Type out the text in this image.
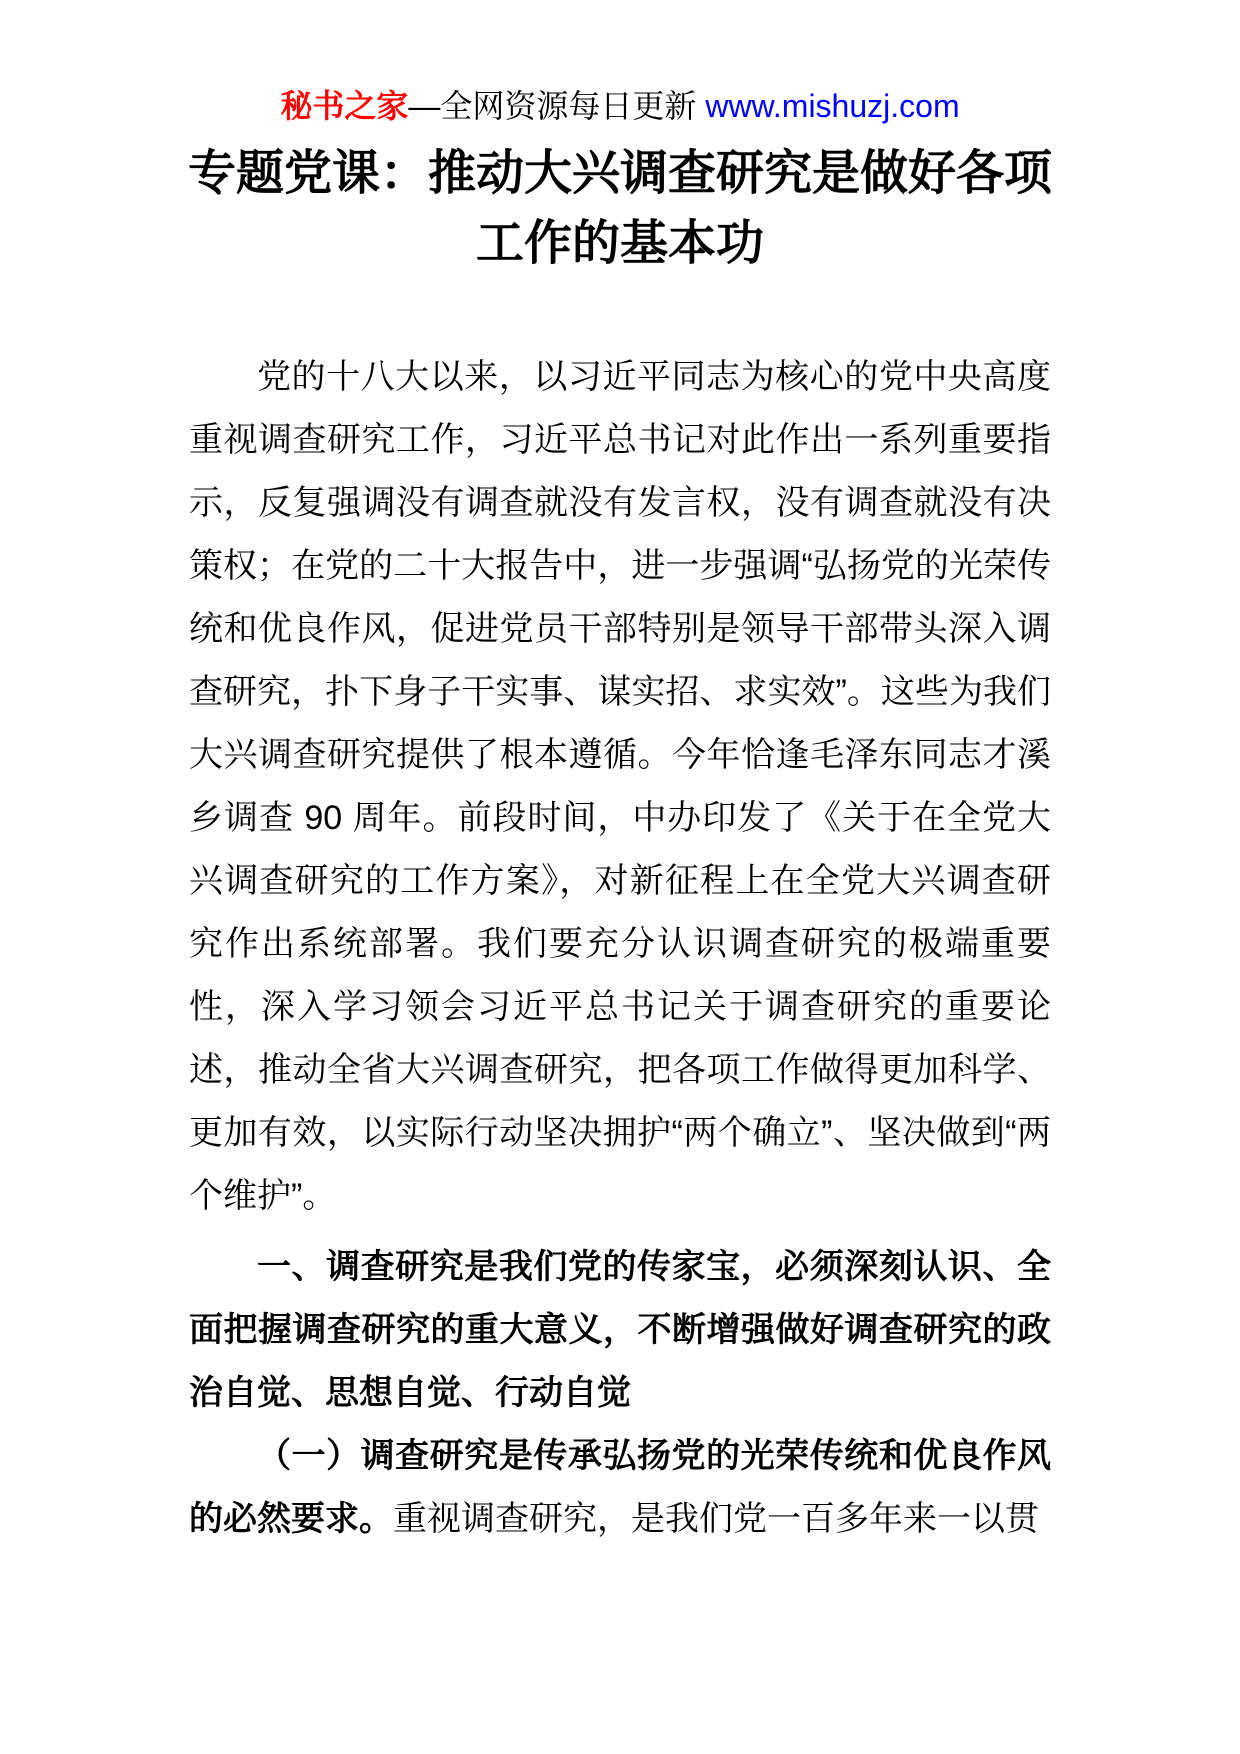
秘书之家—全网资源每日更新 www.mishuzj.com
专题党课：推动大兴调查研究是做好各项工作的基本功

党的十八大以来，以习近平同志为核心的党中央高度重视调查研究工作，习近平总书记对此作出一系列重要指示，反复强调没有调查就没有发言权，没有调查就没有决策权；在党的二十大报告中，进一步强调“弘扬党的光荣传统和优良作风，促进党员干部特别是领导干部带头深入调查研究，扑下身子干实事、谋实招、求实效”。这些为我们大兴调查研究提供了根本遵循。今年恰逢毛泽东同志才溪乡调查 90 周年。前段时间，中办印发了《关于在全党大兴调查研究的工作方案》，对新征程上在全党大兴调查研究作出系统部署。我们要充分认识调查研究的极端重要性，深入学习领会习近平总书记关于调查研究的重要论述，推动全省大兴调查研究，把各项工作做得更加科学、更加有效，以实际行动坚决拥护“两个确立”、坚决做到“两个维护”。

一、调查研究是我们党的传家宝，必须深刻认识、全面把握调查研究的重大意义，不断增强做好调查研究的政治自觉、思想自觉、行动自觉

（一）调查研究是传承弘扬党的光荣传统和优良作风的必然要求。重视调查研究，是我们党一百多年来一以贯
